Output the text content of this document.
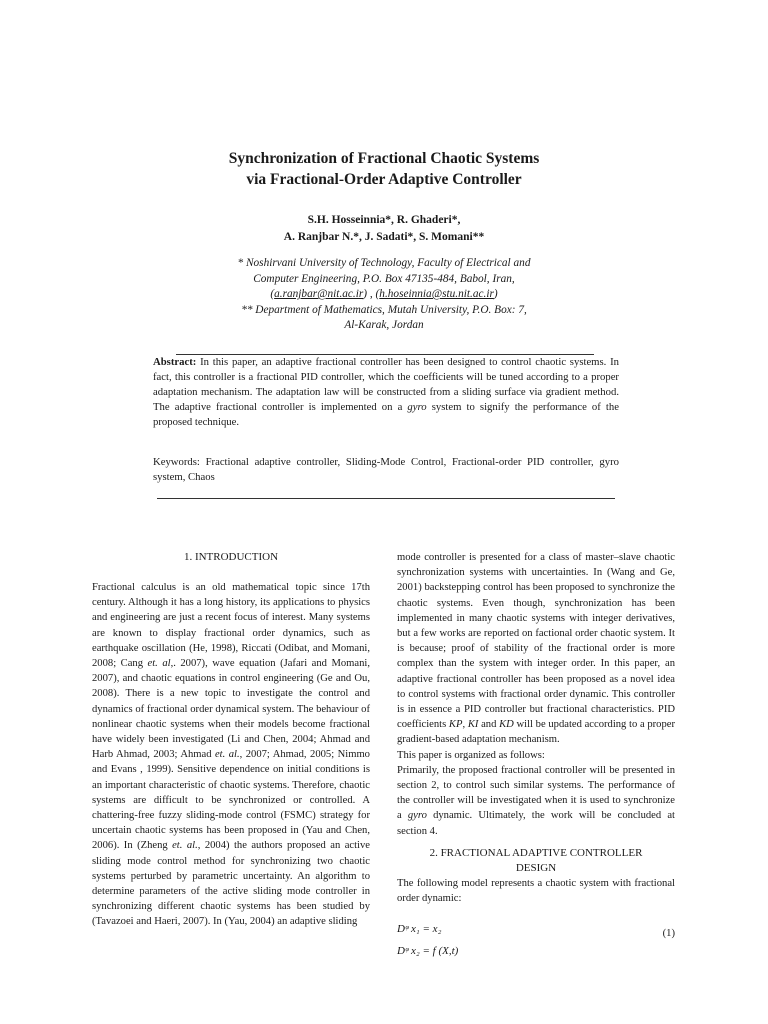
Synchronization of Fractional Chaotic Systems
via Fractional-Order Adaptive Controller
S.H. Hosseinnia*, R. Ghaderi*,
A. Ranjbar N.*, J. Sadati*, S. Momani**
* Noshirvani University of Technology, Faculty of Electrical and
Computer Engineering, P.O. Box 47135-484, Babol, Iran,
(a.ranjbar@nit.ac.ir) , (h.hoseinnia@stu.nit.ac.ir)
** Department of Mathematics, Mutah University, P.O. Box: 7,
Al-Karak, Jordan
Abstract: In this paper, an adaptive fractional controller has been designed to control chaotic systems. In fact, this controller is a fractional PID controller, which the coefficients will be tuned according to a proper adaptation mechanism. The adaptation law will be constructed from a sliding surface via gradient method. The adaptive fractional controller is implemented on a gyro system to signify the performance of the proposed technique.
Keywords: Fractional adaptive controller, Sliding-Mode Control, Fractional-order PID controller, gyro system, Chaos
1. INTRODUCTION

Fractional calculus is an old mathematical topic since 17th century. Although it has a long history, its applications to physics and engineering are just a recent focus of interest. Many systems are known to display fractional order dynamics, such as earthquake oscillation (He, 1998), Riccati (Odibat, and Momani, 2008; Cang et. al,. 2007), wave equation (Jafari and Momani, 2007), and chaotic equations in control engineering (Ge and Ou, 2008). There is a new topic to investigate the control and dynamics of fractional order dynamical system. The behaviour of nonlinear chaotic systems when their models become fractional have widely been investigated (Li and Chen, 2004; Ahmad and Harb Ahmad, 2003; Ahmad et. al., 2007; Ahmad, 2005; Nimmo and Evans , 1999). Sensitive dependence on initial conditions is an important characteristic of chaotic systems. Therefore, chaotic systems are difficult to be synchronized or controlled. A chattering-free fuzzy sliding-mode control (FSMC) strategy for uncertain chaotic systems has been proposed in (Yau and Chen, 2006). In (Zheng et. al., 2004) the authors proposed an active sliding mode control method for synchronizing two chaotic systems perturbed by parametric uncertainty. An algorithm to determine parameters of the active sliding mode controller in synchronizing different chaotic systems has been studied by (Tavazoei and Haeri, 2007). In (Yau, 2004) an adaptive sliding

mode controller is presented for a class of master–slave chaotic synchronization systems with uncertainties. In (Wang and Ge, 2001) backstepping control has been proposed to synchronize the chaotic systems. Even though, synchronization has been implemented in many chaotic systems with integer derivatives, but a few works are reported on factional order chaotic system. It is because; proof of stability of the fractional order is more complex than the system with integer order. In this paper, an adaptive fractional controller has been proposed as a novel idea to control systems with fractional order dynamic. This controller is in essence a PID controller but fractional characteristics. PID coefficients KP, KI and KD will be updated according to a proper gradient-based adaptation mechanism.

This paper is organized as follows:

Primarily, the proposed fractional controller will be presented in section 2, to control such similar systems. The performance of the controller will be investigated when it is used to synchronize a gyro dynamic. Ultimately, the work will be concluded at section 4.

2. FRACTIONAL ADAPTIVE CONTROLLER
DESIGN

The following model represents a chaotic system with fractional order dynamic:

Dᵠ x₁ = x₂
Dᵠ x₂ = f (X,t)
(1)
